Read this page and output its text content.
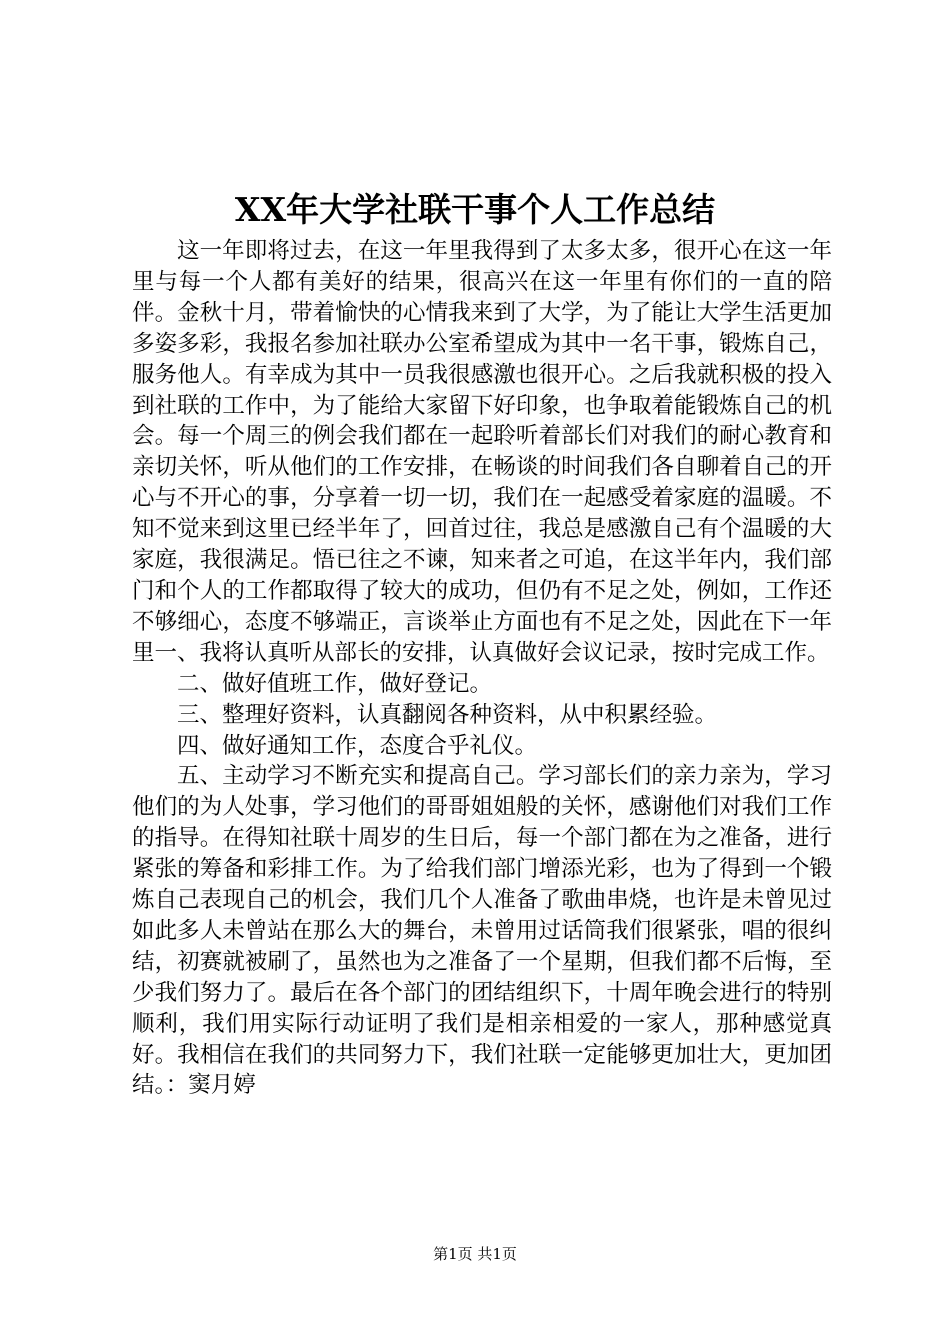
XX年大学社联干事个人工作总结

这一年即将过去，在这一年里我得到了太多太多，很开心在这一年里与每一个人都有美好的结果，很高兴在这一年里有你们的一直的陪伴。金秋十月，带着愉快的心情我来到了大学，为了能让大学生活更加多姿多彩，我报名参加社联办公室希望成为其中一名干事，锻炼自己，服务他人。有幸成为其中一员我很感激也很开心。之后我就积极的投入到社联的工作中，为了能给大家留下好印象，也争取着能锻炼自己的机会。每一个周三的例会我们都在一起聆听着部长们对我们的耐心教育和亲切关怀，听从他们的工作安排，在畅谈的时间我们各自聊着自己的开心与不开心的事，分享着一切一切，我们在一起感受着家庭的温暖。不知不觉来到这里已经半年了，回首过往，我总是感激自己有个温暖的大家庭，我很满足。悟已往之不谏，知来者之可追，在这半年内，我们部门和个人的工作都取得了较大的成功，但仍有不足之处，例如，工作还不够细心，态度不够端正，言谈举止方面也有不足之处，因此在下一年里一、我将认真听从部长的安排，认真做好会议记录，按时完成工作。

二、做好值班工作，做好登记。

三、整理好资料，认真翻阅各种资料，从中积累经验。

四、做好通知工作，态度合乎礼仪。

五、主动学习不断充实和提高自己。学习部长们的亲力亲为，学习他们的为人处事，学习他们的哥哥姐姐般的关怀，感谢他们对我们工作的指导。在得知社联十周岁的生日后，每一个部门都在为之准备，进行紧张的筹备和彩排工作。为了给我们部门增添光彩，也为了得到一个锻炼自己表现自己的机会，我们几个人准备了歌曲串烧，也许是未曾见过如此多人未曾站在那么大的舞台，未曾用过话筒我们很紧张，唱的很纠结，初赛就被刷了，虽然也为之准备了一个星期，但我们都不后悔，至少我们努力了。最后在各个部门的团结组织下，十周年晚会进行的特别顺利，我们用实际行动证明了我们是相亲相爱的一家人，那种感觉真好。我相信在我们的共同努力下，我们社联一定能够更加壮大，更加团结。：窦月婷

第1页 共1页
